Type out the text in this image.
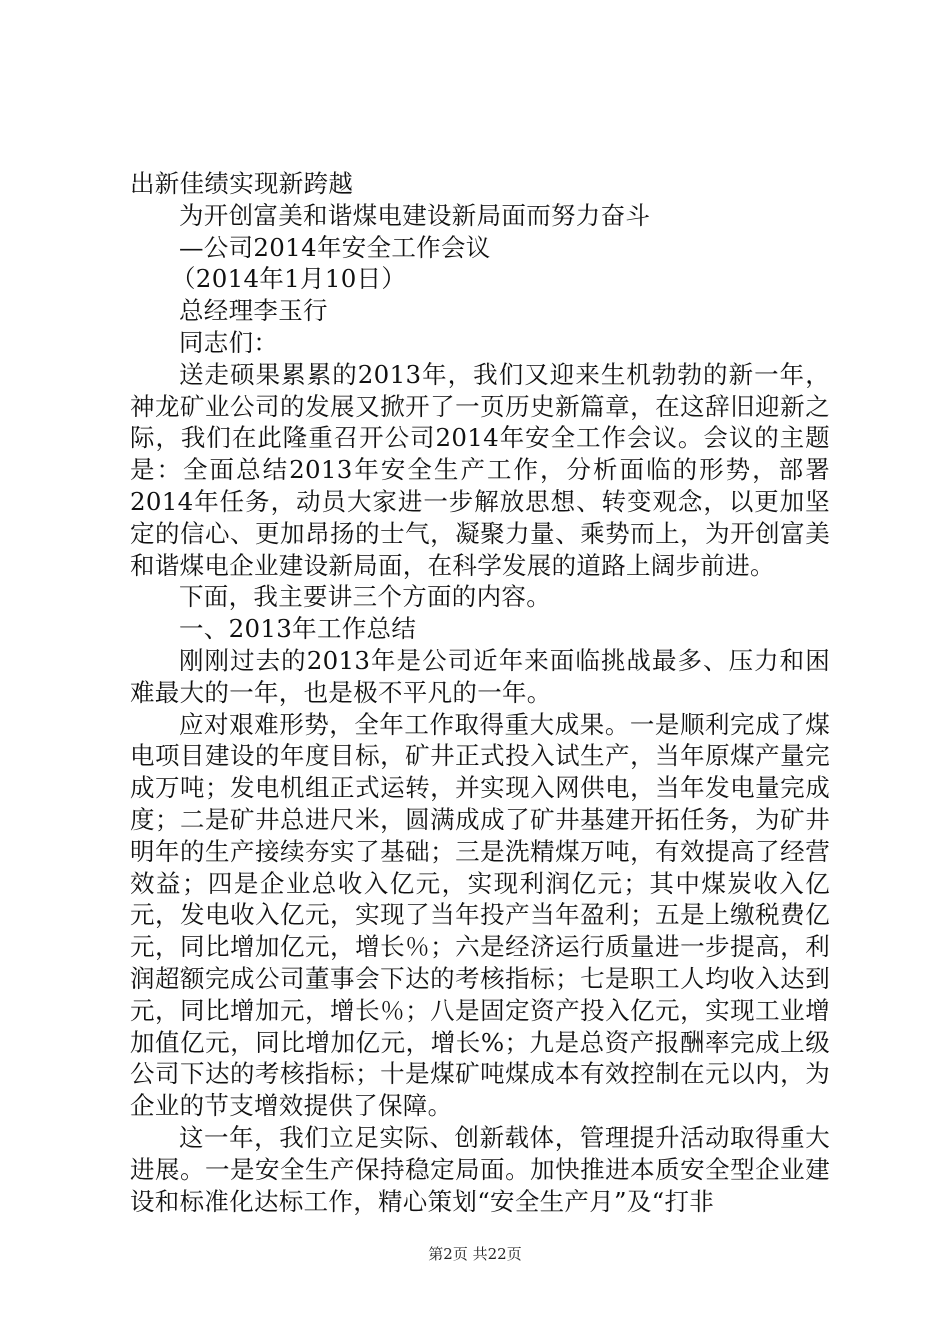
出新佳绩实现新跨越

为开创富美和谐煤电建设新局面而努力奋斗

—公司2014年安全工作会议

（2014年1月10日）

总经理李玉行

同志们：

送走硕果累累的2013年，我们又迎来生机勃勃的新一年，神龙矿业公司的发展又掀开了一页历史新篇章，在这辞旧迎新之际，我们在此隆重召开公司2014年安全工作会议。会议的主题是：全面总结2013年安全生产工作，分析面临的形势，部署2014年任务，动员大家进一步解放思想、转变观念，以更加坚定的信心、更加昂扬的士气，凝聚力量、乘势而上，为开创富美和谐煤电企业建设新局面，在科学发展的道路上阔步前进。

下面，我主要讲三个方面的内容。

一、2013年工作总结

刚刚过去的2013年是公司近年来面临挑战最多、压力和困难最大的一年，也是极不平凡的一年。

应对艰难形势，全年工作取得重大成果。一是顺利完成了煤电项目建设的年度目标，矿井正式投入试生产，当年原煤产量完成万吨；发电机组正式运转，并实现入网供电，当年发电量完成度；二是矿井总进尺米，圆满成成了矿井基建开拓任务，为矿井明年的生产接续夯实了基础；三是洗精煤万吨，有效提高了经营效益；四是企业总收入亿元，实现利润亿元；其中煤炭收入亿元，发电收入亿元，实现了当年投产当年盈利；五是上缴税费亿元，同比增加亿元，增长％；六是经济运行质量进一步提高，利润超额完成公司董事会下达的考核指标；七是职工人均收入达到元，同比增加元，增长％；八是固定资产投入亿元，实现工业增加值亿元，同比增加亿元，增长%；九是总资产报酬率完成上级公司下达的考核指标；十是煤矿吨煤成本有效控制在元以内，为企业的节支增效提供了保障。

这一年，我们立足实际、创新载体，管理提升活动取得重大进展。一是安全生产保持稳定局面。加快推进本质安全型企业建设和标准化达标工作，精心策划“安全生产月”及“打非

第2页 共22页
